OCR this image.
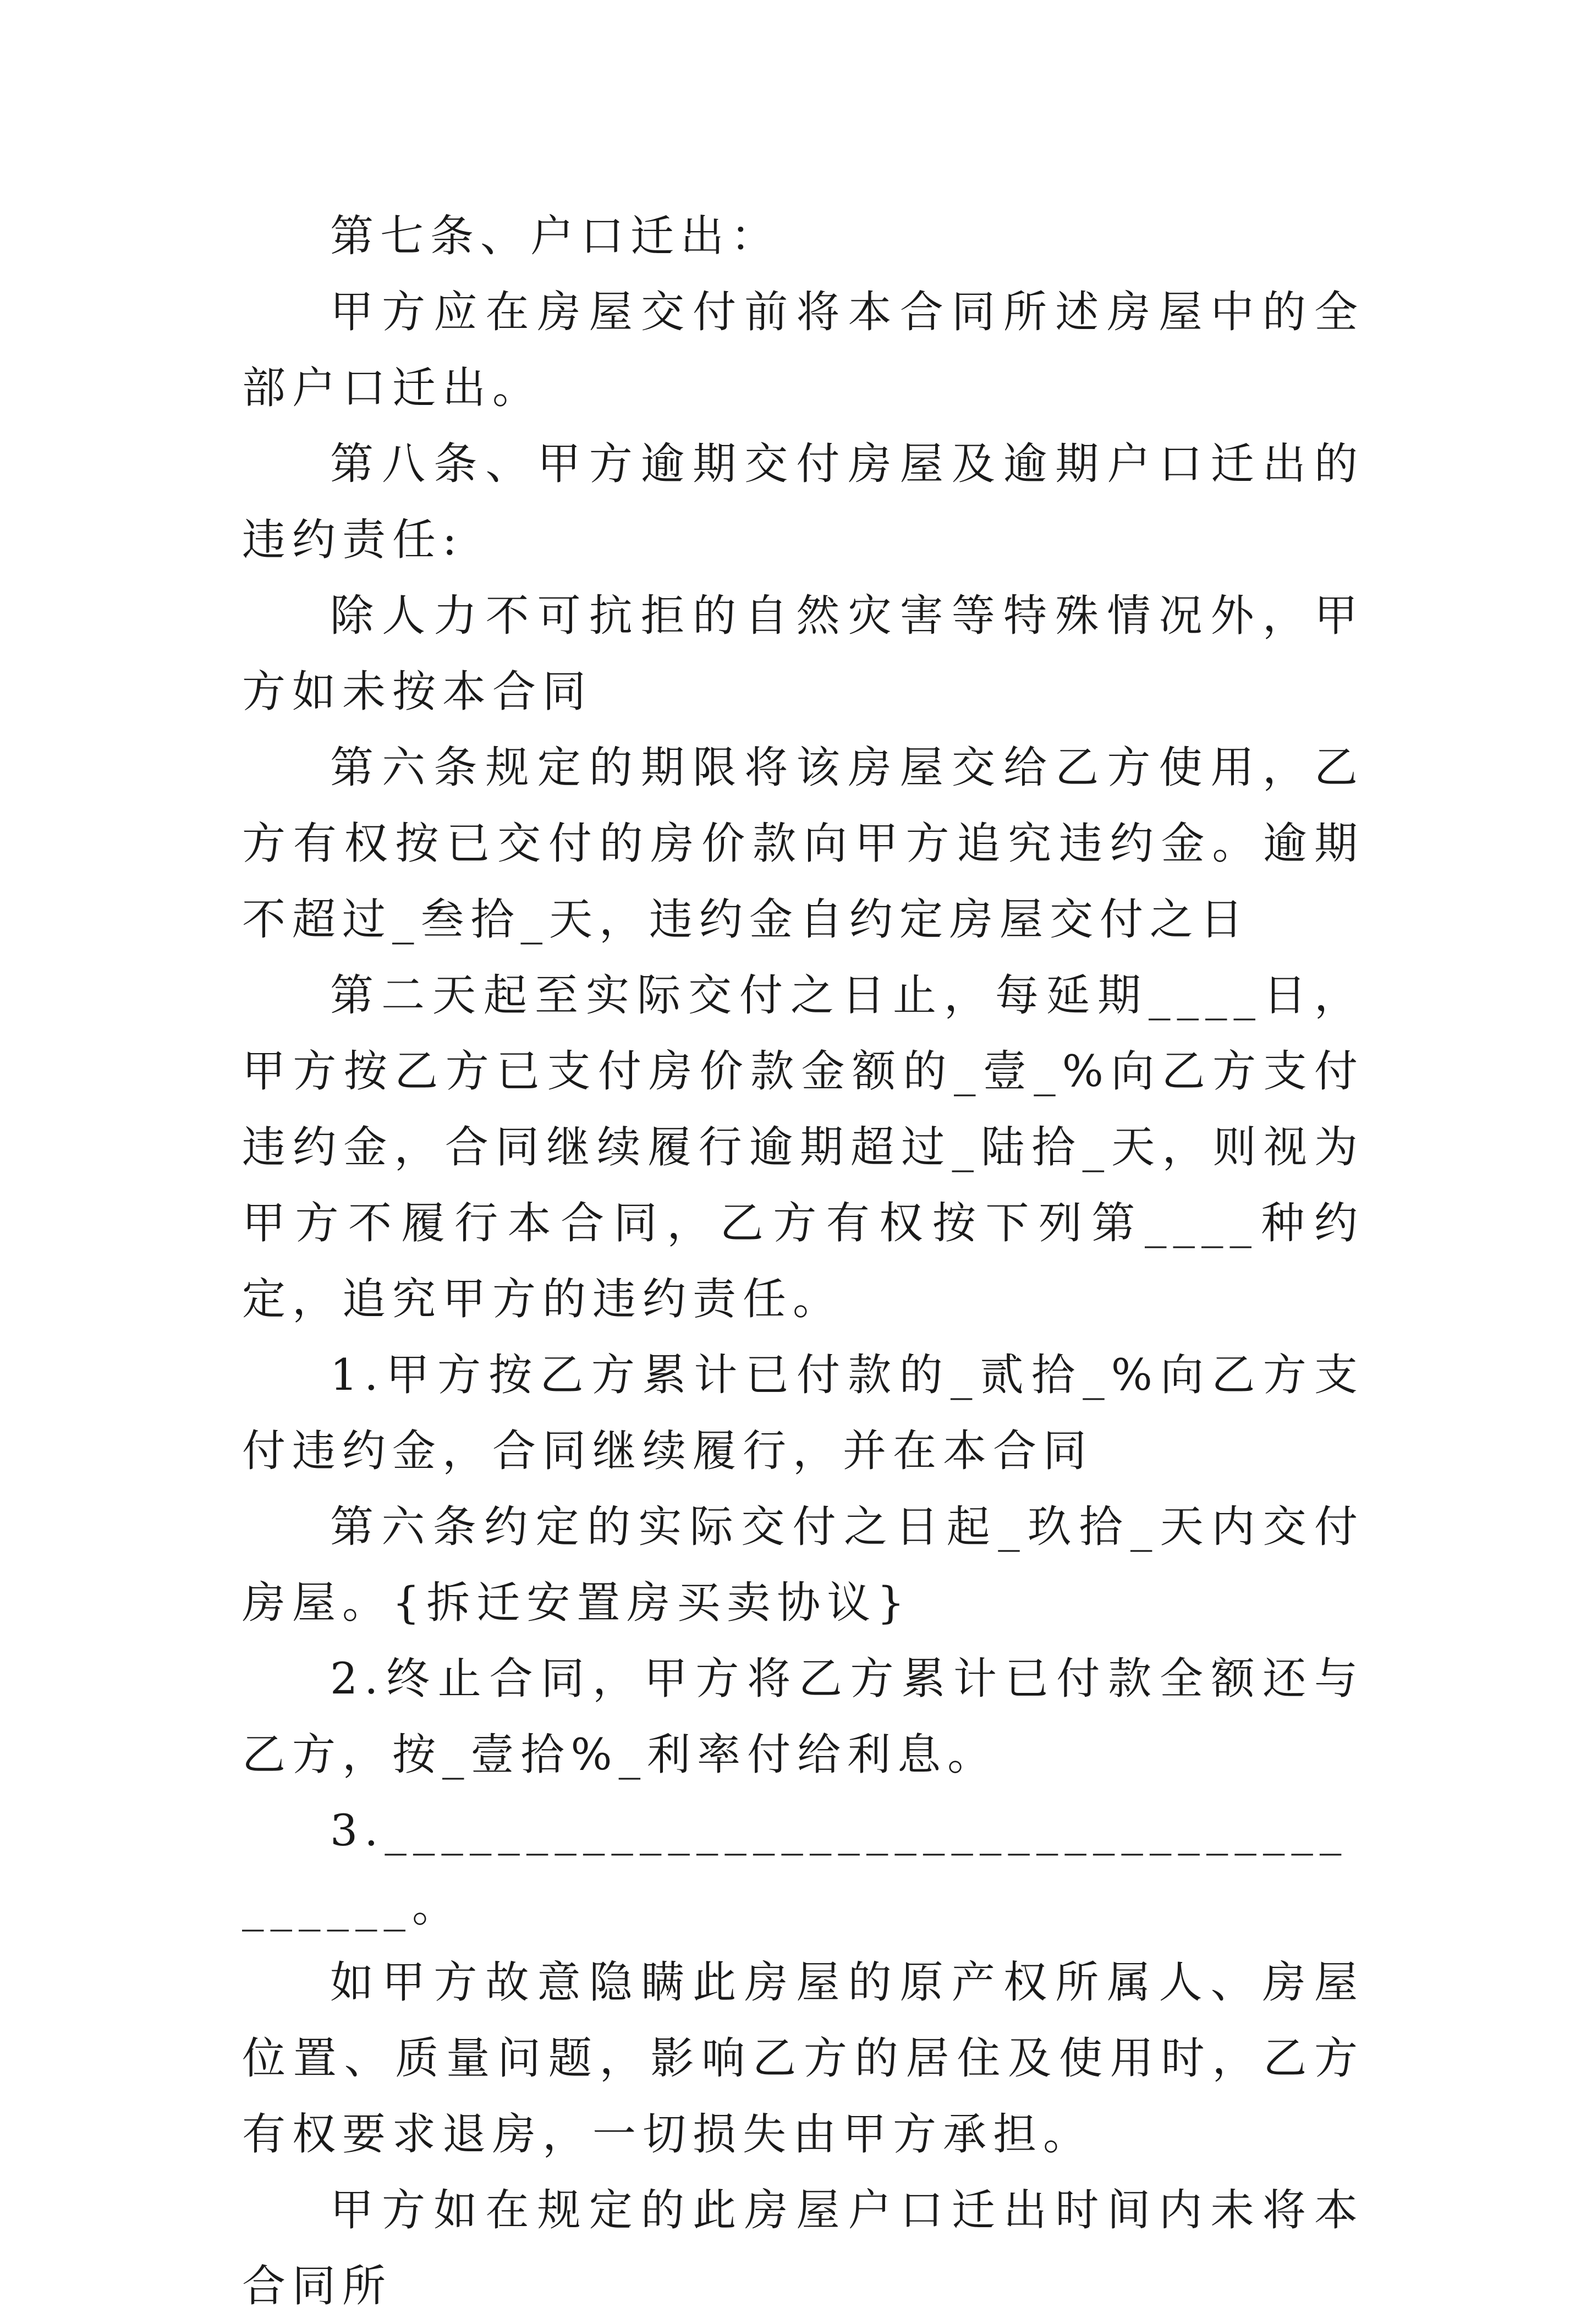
第七条、户口迁出：

甲方应在房屋交付前将本合同所述房屋中的全部户口迁出。

第八条、甲方逾期交付房屋及逾期户口迁出的违约责任:

除人力不可抗拒的自然灾害等特殊情况外，甲方如未按本合同

第六条规定的期限将该房屋交给乙方使用，乙方有权按已交付的房价款向甲方追究违约金。逾期不超过_叁拾_天，违约金自约定房屋交付之日

第二天起至实际交付之日止，每延期____日，甲方按乙方已支付房价款金额的_壹_%向乙方支付违约金，合同继续履行逾期超过_陆拾_天，则视为甲方不履行本合同，乙方有权按下列第____种约定，追究甲方的违约责任。

1.甲方按乙方累计已付款的_贰拾_%向乙方支付违约金，合同继续履行，并在本合同

第六条约定的实际交付之日起_玖拾_天内交付房屋。{拆迁安置房买卖协议}

2.终止合同，甲方将乙方累计已付款全额还与乙方，按_壹拾%_利率付给利息。

3.________________________________________。

如甲方故意隐瞒此房屋的原产权所属人、房屋位置、质量问题，影响乙方的居住及使用时，乙方有权要求退房，一切损失由甲方承担。

甲方如在规定的此房屋户口迁出时间内未将本合同所
